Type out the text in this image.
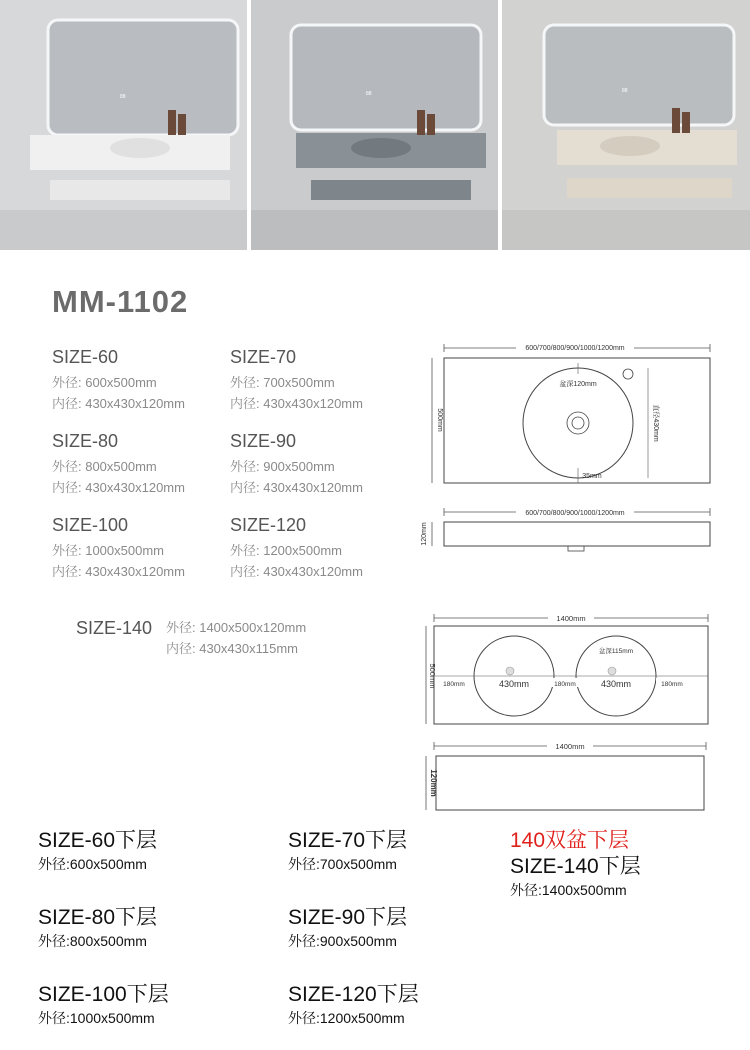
88	88	88
MM-1102
SIZE-60
外径: 600x500mm
内径: 430x430x120mm
SIZE-70
外径: 700x500mm
内径: 430x430x120mm
SIZE-80
外径: 800x500mm
内径: 430x430x120mm
SIZE-90
外径: 900x500mm
内径: 430x430x120mm
SIZE-100
外径: 1000x500mm
内径: 430x430x120mm
SIZE-120
外径: 1200x500mm
内径: 430x430x120mm
SIZE-140 外径: 1400x500x120mm
内径: 430x430x115mm
600/700/800/900/1000/1200mm
500mm
盆深120mm
直径430mm
35mm
600/700/800/900/1000/1200mm
120mm
1400mm
500mm
盆深115mm
180mm	430mm	180mm	430mm	180mm
1400mm
120mm
SIZE-60下层
外径:600x500mm
SIZE-70下层
外径:700x500mm
140双盆下层
SIZE-140下层
外径:1400x500mm
SIZE-80下层
外径:800x500mm
SIZE-90下层
外径:900x500mm
SIZE-100下层
外径:1000x500mm
SIZE-120下层
外径:1200x500mm
